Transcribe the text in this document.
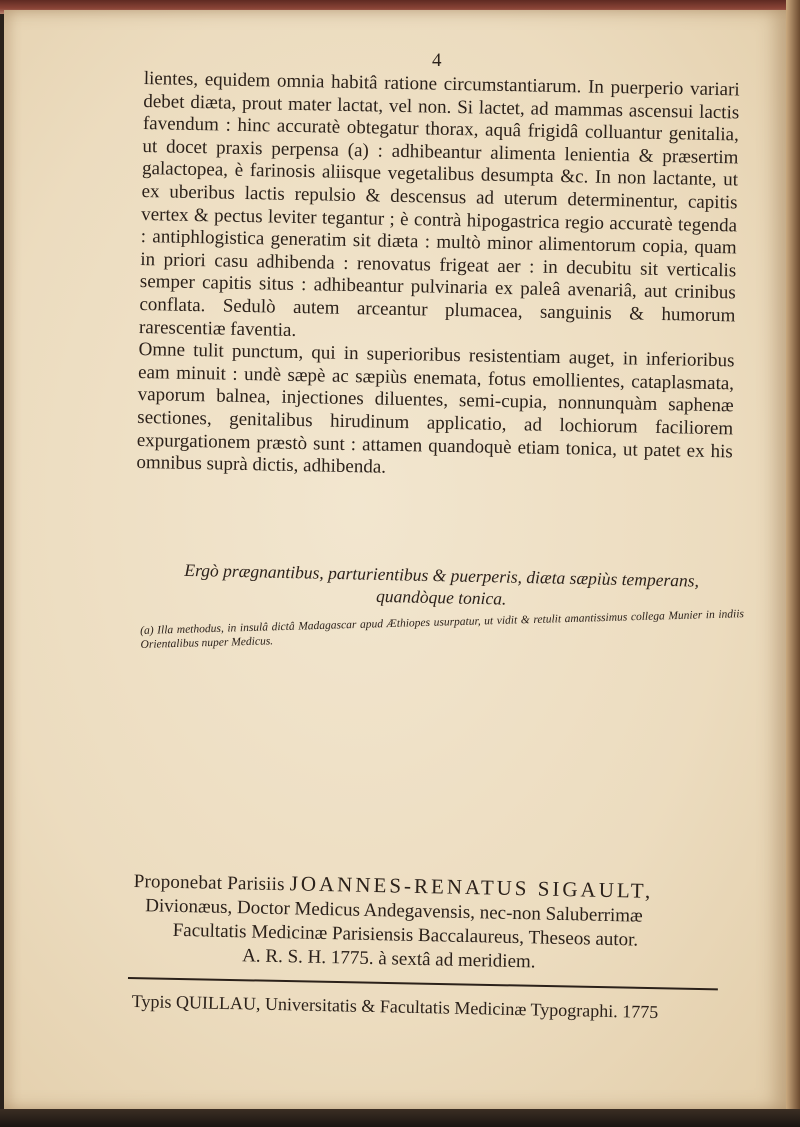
4

lientes, equidem omnia habitâ ratione circumstantiarum. In puerperio variari debet diæta, prout mater lactat, vel non. Si lactet, ad mammas ascensui lactis favendum : hinc accuratè obtegatur thorax, aquâ frigidâ colluantur genitalia, ut docet praxis perpensa (a) : adhibeantur alimenta lenientia & præsertim galactopea, è farinosis aliisque vegetalibus desumpta &c. In non lactante, ut ex uberibus lactis repulsio & descensus ad uterum determinentur, capitis vertex & pectus leviter tegantur ; è contrà hipogastrica regio accuratè tegenda : antiphlogistica generatim sit diæta : multò minor alimentorum copia, quam in priori casu adhibenda : renovatus frigeat aer : in decubitu sit verticalis semper capitis situs : adhibeantur pulvinaria ex paleâ avenariâ, aut crinibus conflata. Sedulò autem arceantur plumacea, sanguinis & humorum rarescentiæ faventia.

Omne tulit punctum, qui in superioribus resistentiam auget, in inferioribus eam minuit : undè sæpè ac sæpiùs enemata, fotus emollientes, cataplasmata, vaporum balnea, injectiones diluentes, semi-cupia, nonnunquàm saphenæ sectiones, genitalibus hirudinum applicatio, ad lochiorum faciliorem expurgationem præstò sunt : attamen quandoquè etiam tonica, ut patet ex his omnibus suprà dictis, adhibenda.

Ergò prægnantibus, parturientibus & puerperis, diæta sæpiùs temperans, quandòque tonica.
(a) Illa methodus, in insulâ dictâ Madagascar apud Æthiopes usurpatur, ut vidit & retulit amantissimus collega Munier in indiis Orientalibus nuper Medicus.
Proponebat Parisiis JOANNES-RENATUS SIGAULT,
Divionæus, Doctor Medicus Andegavensis, nec-non Saluberrimæ
Facultatis Medicinæ Parisiensis Baccalaureus, Theseos autor.
A. R. S. H. 1775. à sextâ ad meridiem.
Typis QUILLAU, Universitatis & Facultatis Medicinæ Typographi. 1775
